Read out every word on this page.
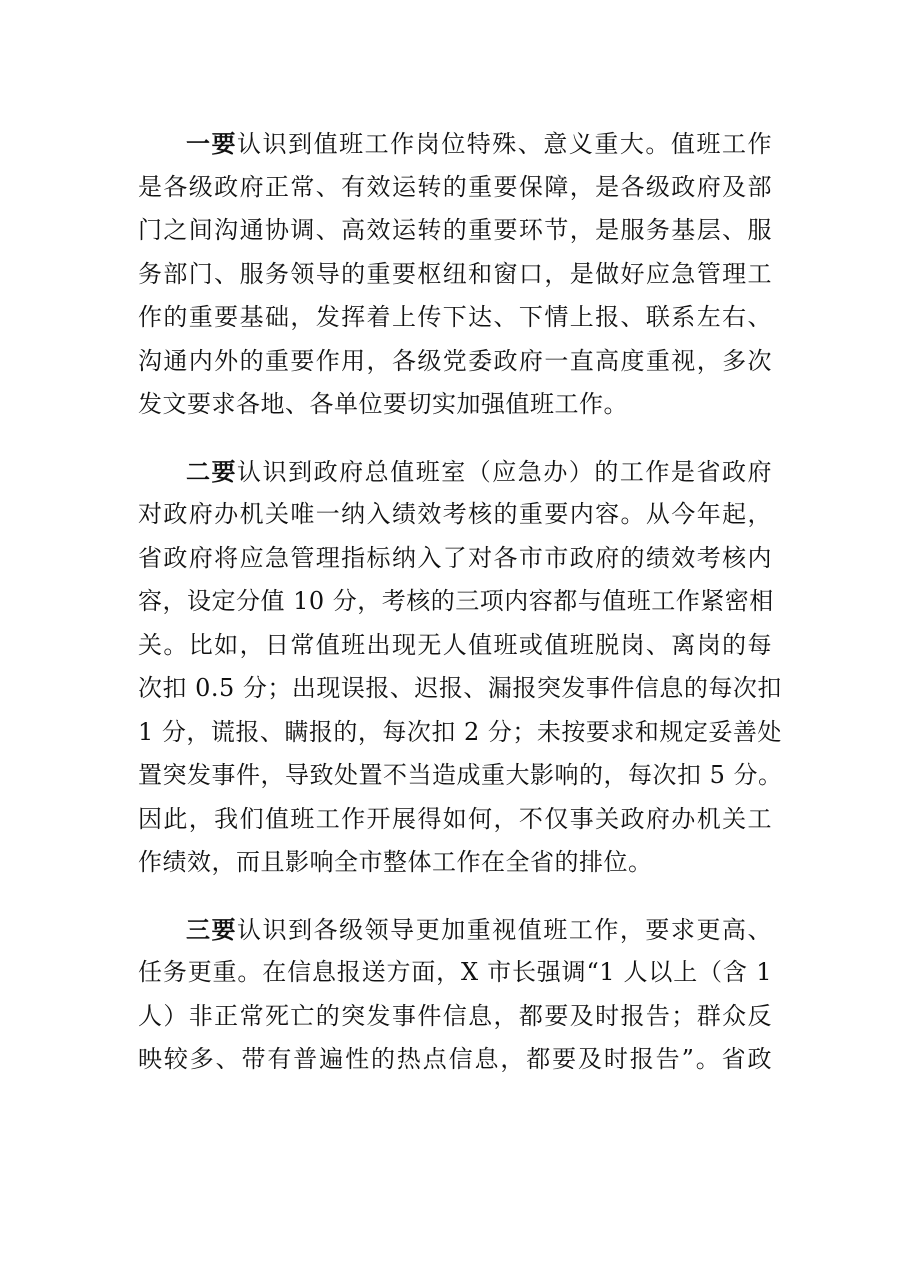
一要认识到值班工作岗位特殊、意义重大。值班工作
是各级政府正常、有效运转的重要保障，是各级政府及部
门之间沟通协调、高效运转的重要环节，是服务基层、服
务部门、服务领导的重要枢纽和窗口，是做好应急管理工
作的重要基础，发挥着上传下达、下情上报、联系左右、
沟通内外的重要作用，各级党委政府一直高度重视，多次
发文要求各地、各单位要切实加强值班工作。

二要认识到政府总值班室（应急办）的工作是省政府
对政府办机关唯一纳入绩效考核的重要内容。从今年起，
省政府将应急管理指标纳入了对各市市政府的绩效考核内
容，设定分值 10 分，考核的三项内容都与值班工作紧密相
关。比如，日常值班出现无人值班或值班脱岗、离岗的每
次扣 0.5 分；出现误报、迟报、漏报突发事件信息的每次扣
1 分，谎报、瞒报的，每次扣 2 分；未按要求和规定妥善处
置突发事件，导致处置不当造成重大影响的，每次扣 5 分。
因此，我们值班工作开展得如何，不仅事关政府办机关工
作绩效，而且影响全市整体工作在全省的排位。

三要认识到各级领导更加重视值班工作，要求更高、
任务更重。在信息报送方面，X 市长强调“1 人以上（含 1
人）非正常死亡的突发事件信息，都要及时报告；群众反
映较多、带有普遍性的热点信息，都要及时报告”。省政
